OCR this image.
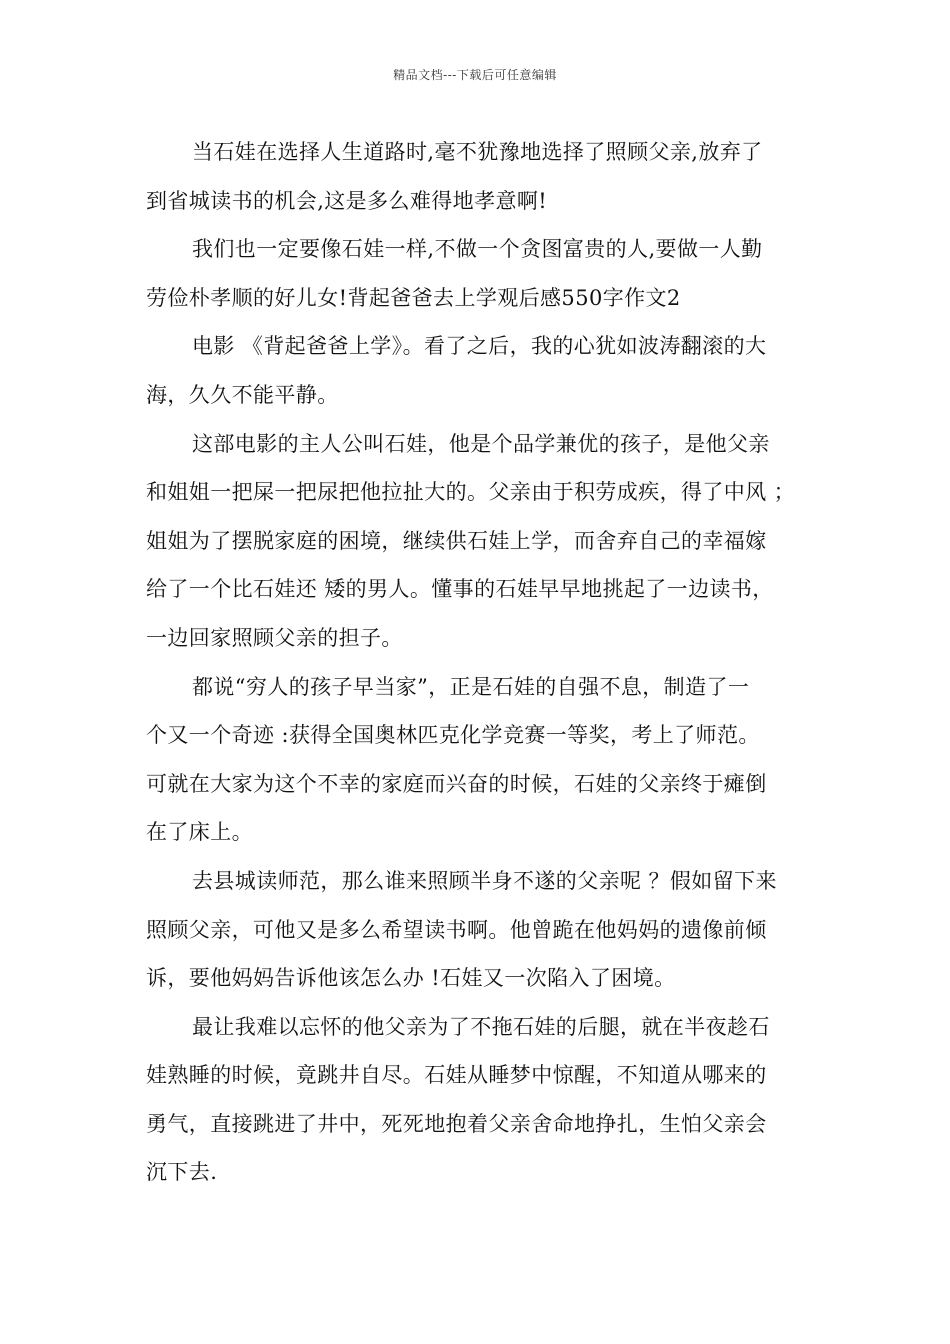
精品文档---下载后可任意编辑
当石娃在选择人生道路时,毫不犹豫地选择了照顾父亲,放弃了
到省城读书的机会,这是多么难得地孝意啊!
我们也一定要像石娃一样,不做一个贪图富贵的人,要做一人勤
劳俭朴孝顺的好儿女!背起爸爸去上学观后感550字作文2
电影 《背起爸爸上学》。看了之后，我的心犹如波涛翻滚的大
海，久久不能平静。
这部电影的主人公叫石娃，他是个品学兼优的孩子，是他父亲
和姐姐一把屎一把尿把他拉扯大的。父亲由于积劳成疾，得了中风 ；
姐姐为了摆脱家庭的困境，继续供石娃上学，而舍弃自己的幸福嫁
给了一个比石娃还 矮的男人。懂事的石娃早早地挑起了一边读书，
一边回家照顾父亲的担子。
都说“穷人的孩子早当家”，正是石娃的自强不息，制造了一
个又一个奇迹 :获得全国奥林匹克化学竞赛一等奖，考上了师范。
可就在大家为这个不幸的家庭而兴奋的时候，石娃的父亲终于瘫倒
在了床上。
去县城读师范，那么谁来照顾半身不遂的父亲呢 ？假如留下来
照顾父亲，可他又是多么希望读书啊。他曾跪在他妈妈的遗像前倾
诉，要他妈妈告诉他该怎么办 !石娃又一次陷入了困境。
最让我难以忘怀的他父亲为了不拖石娃的后腿，就在半夜趁石
娃熟睡的时候，竟跳井自尽。石娃从睡梦中惊醒，不知道从哪来的
勇气，直接跳进了井中，死死地抱着父亲舍命地挣扎，生怕父亲会
沉下去.
